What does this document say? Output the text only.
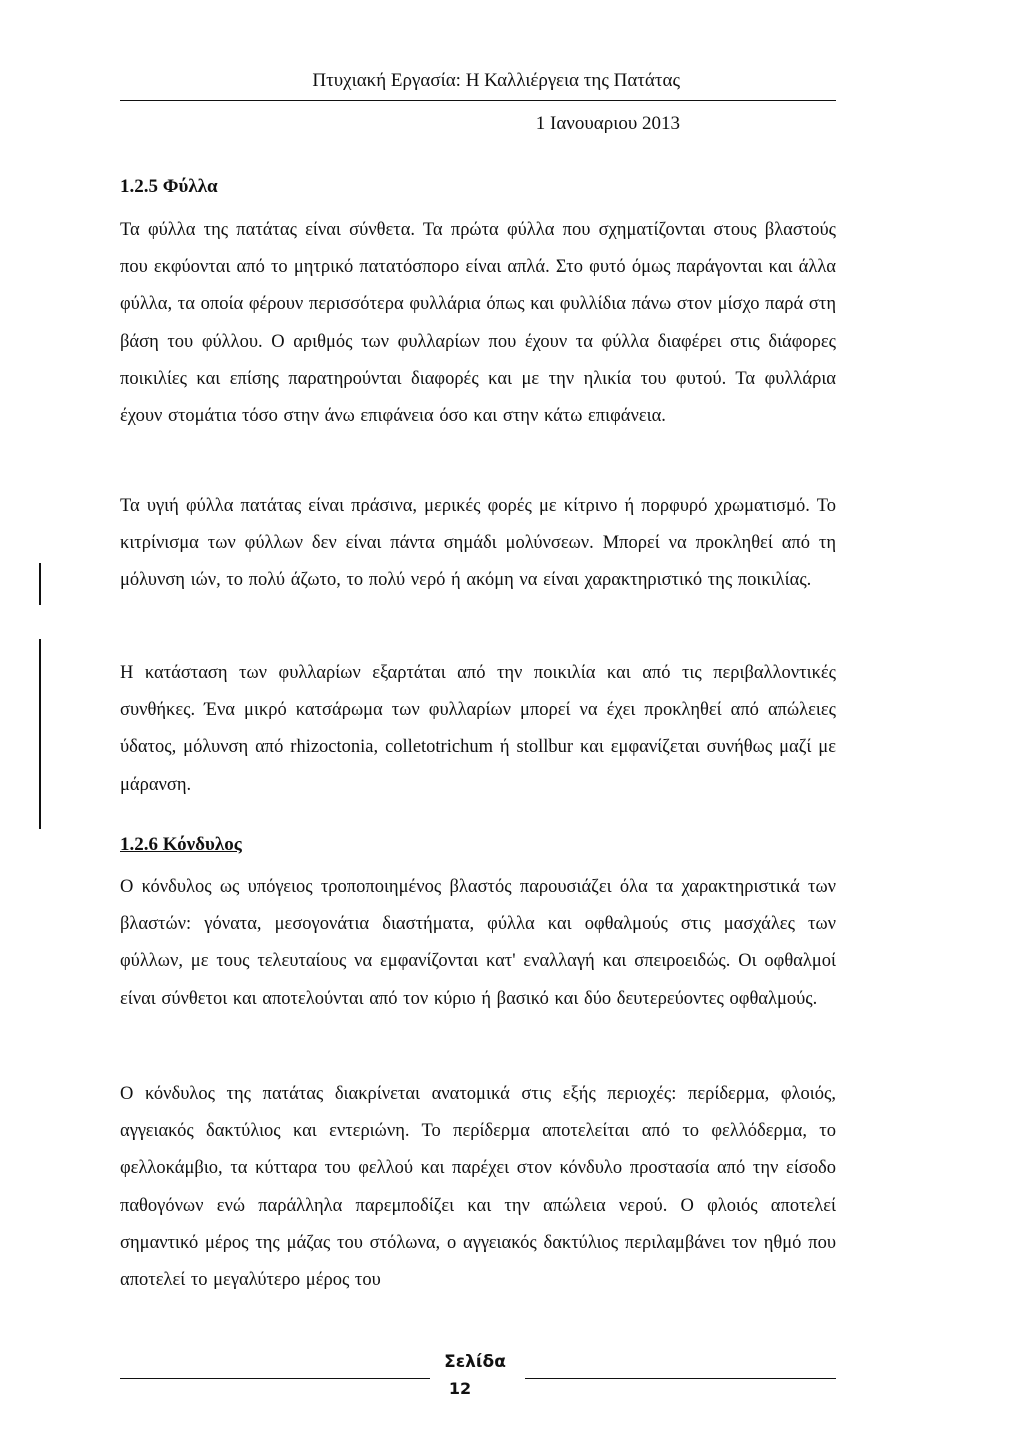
Πτυχιακή Εργασία: Η Καλλιέργεια της Πατάτας
1 Ιανουαριου 2013
1.2.5 Φύλλα
Τα φύλλα της πατάτας είναι σύνθετα. Τα πρώτα φύλλα που σχηματίζονται στους βλαστούς που εκφύονται από το μητρικό πατατόσπορο είναι απλά. Στο φυτό όμως παράγονται και άλλα φύλλα, τα οποία φέρουν περισσότερα φυλλάρια όπως και φυλλίδια πάνω στον μίσχο παρά στη βάση του φύλλου. Ο αριθμός των φυλλαρίων που έχουν τα φύλλα διαφέρει στις διάφορες ποικιλίες και επίσης παρατηρούνται διαφορές και με την ηλικία του φυτού. Τα φυλλάρια έχουν στομάτια τόσο στην άνω επιφάνεια όσο και στην κάτω επιφάνεια.
Τα υγιή φύλλα πατάτας είναι πράσινα, μερικές φορές με κίτρινο ή πορφυρό χρωματισμό. Το κιτρίνισμα των φύλλων δεν είναι πάντα σημάδι μολύνσεων. Μπορεί να προκληθεί από τη μόλυνση ιών, το πολύ άζωτο, το πολύ νερό ή ακόμη να είναι χαρακτηριστικό της ποικιλίας.
Η κατάσταση των φυλλαρίων εξαρτάται από την ποικιλία και από τις περιβαλλοντικές συνθήκες. Ένα μικρό κατσάρωμα των φυλλαρίων μπορεί να έχει προκληθεί από απώλειες ύδατος, μόλυνση από rhizoctonia, colletotrichum ή stollbur και εμφανίζεται συνήθως μαζί με μάρανση.
1.2.6 Κόνδυλος
Ο κόνδυλος ως υπόγειος τροποποιημένος βλαστός παρουσιάζει όλα τα χαρακτηριστικά των βλαστών: γόνατα, μεσογονάτια διαστήματα, φύλλα και οφθαλμούς στις μασχάλες των φύλλων, με τους τελευταίους να εμφανίζονται κατ' εναλλαγή και σπειροειδώς. Οι οφθαλμοί είναι σύνθετοι και αποτελούνται από τον κύριο ή βασικό και δύο δευτερεύοντες οφθαλμούς.
Ο κόνδυλος της πατάτας διακρίνεται ανατομικά στις εξής περιοχές: περίδερμα, φλοιός, αγγειακός δακτύλιος και εντεριώνη. Το περίδερμα αποτελείται από το φελλόδερμα, το φελλοκάμβιο, τα κύτταρα του φελλού και παρέχει στον κόνδυλο προστασία από την είσοδο παθογόνων ενώ παράλληλα παρεμποδίζει και την απώλεια νερού. Ο φλοιός αποτελεί σημαντικό μέρος της μάζας του στόλωνα, ο αγγειακός δακτύλιος περιλαμβάνει τον ηθμό που αποτελεί το μεγαλύτερο μέρος του
Σελίδα
12
